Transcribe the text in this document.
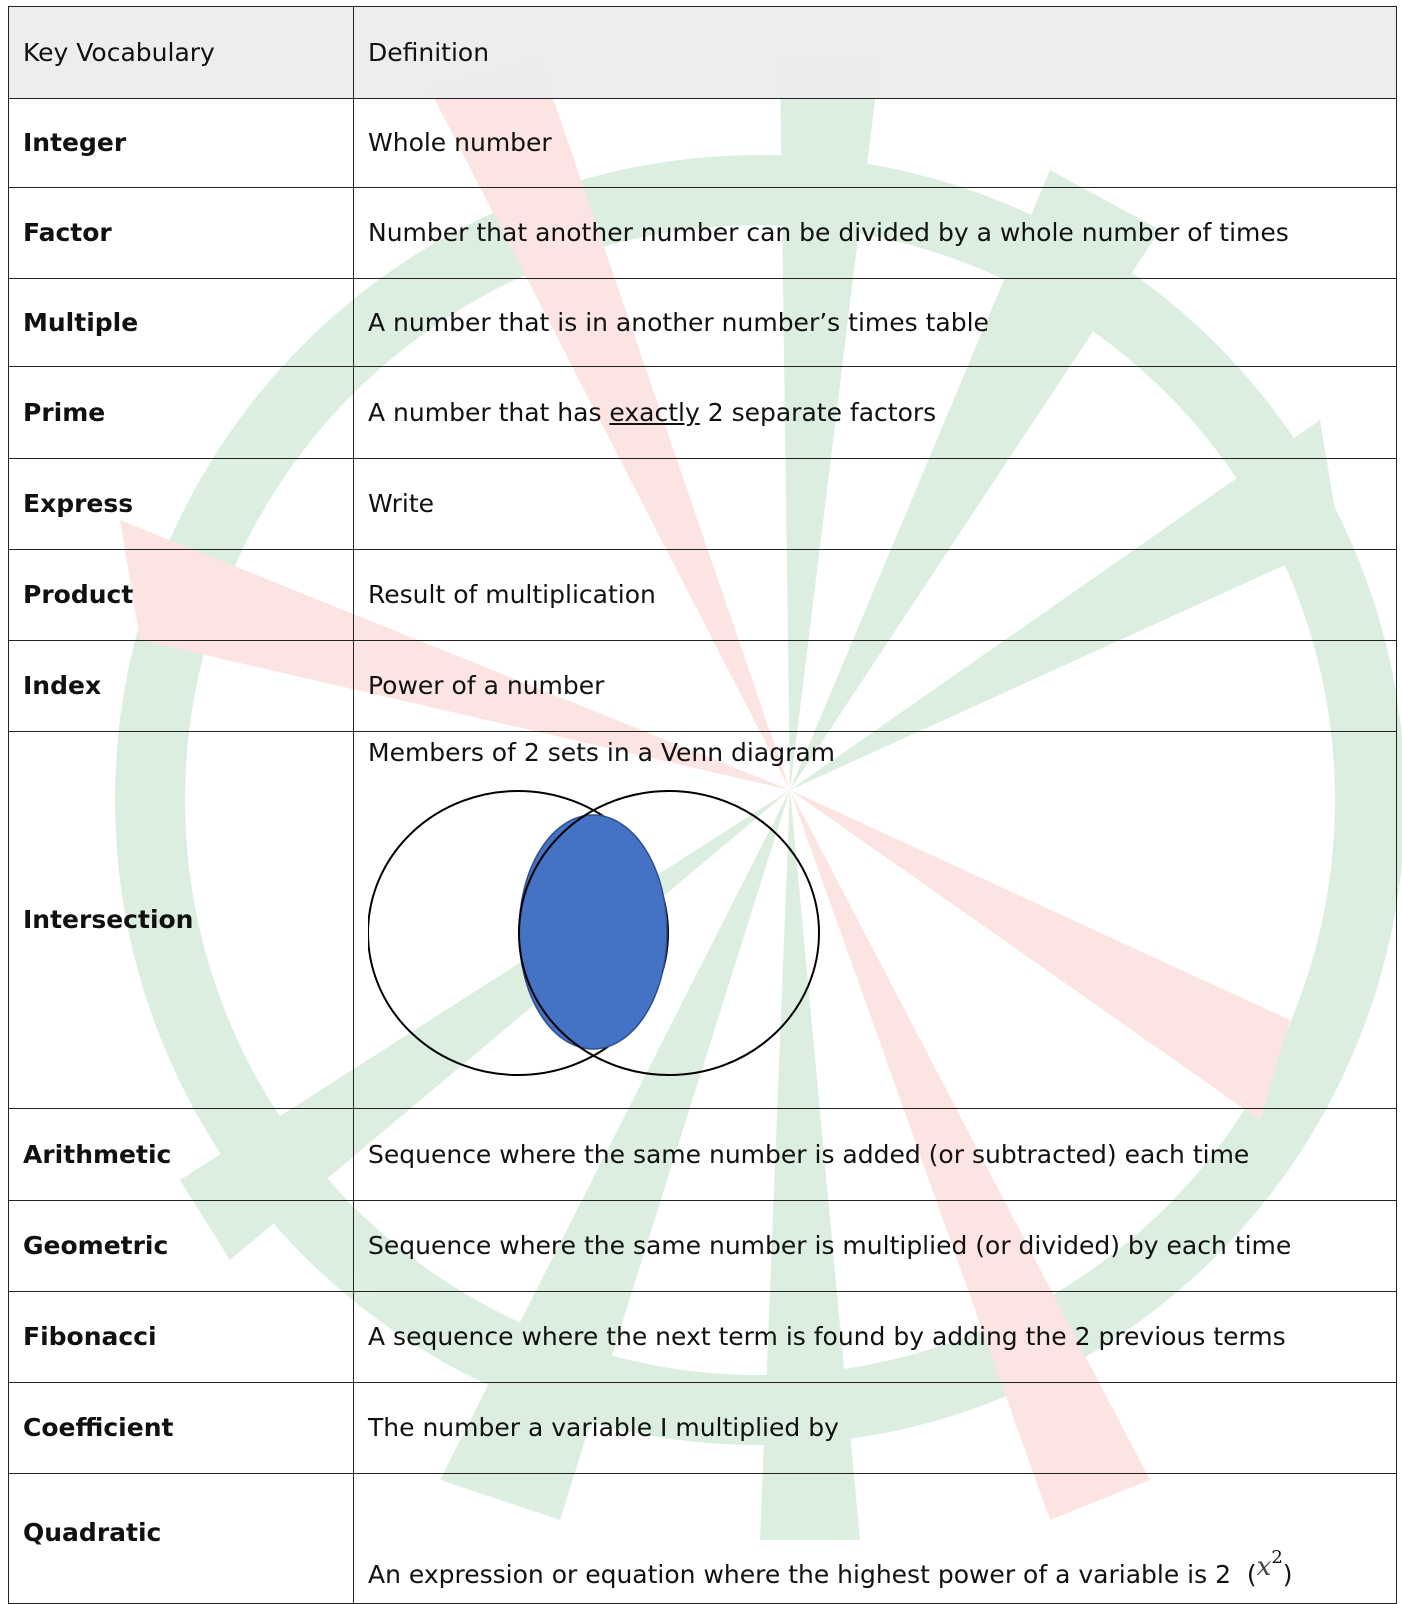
Key Vocabulary	Definition
Integer	Whole number
Factor	Number that another number can be divided by a whole number of times
Multiple	A number that is in another number’s times table
Prime	A number that has exactly 2 separate factors
Express	Write
Product	Result of multiplication
Index	Power of a number
Intersection	Members of 2 sets in a Venn diagram

Arithmetic	Sequence where the same number is added (or subtracted) each time
Geometric	Sequence where the same number is multiplied (or divided) by each time
Fibonacci	A sequence where the next term is found by adding the 2 previous terms
Coefficient	The number a variable I multiplied by
Quadratic	An expression or equation where the highest power of a variable is 2 $(x^2)$
